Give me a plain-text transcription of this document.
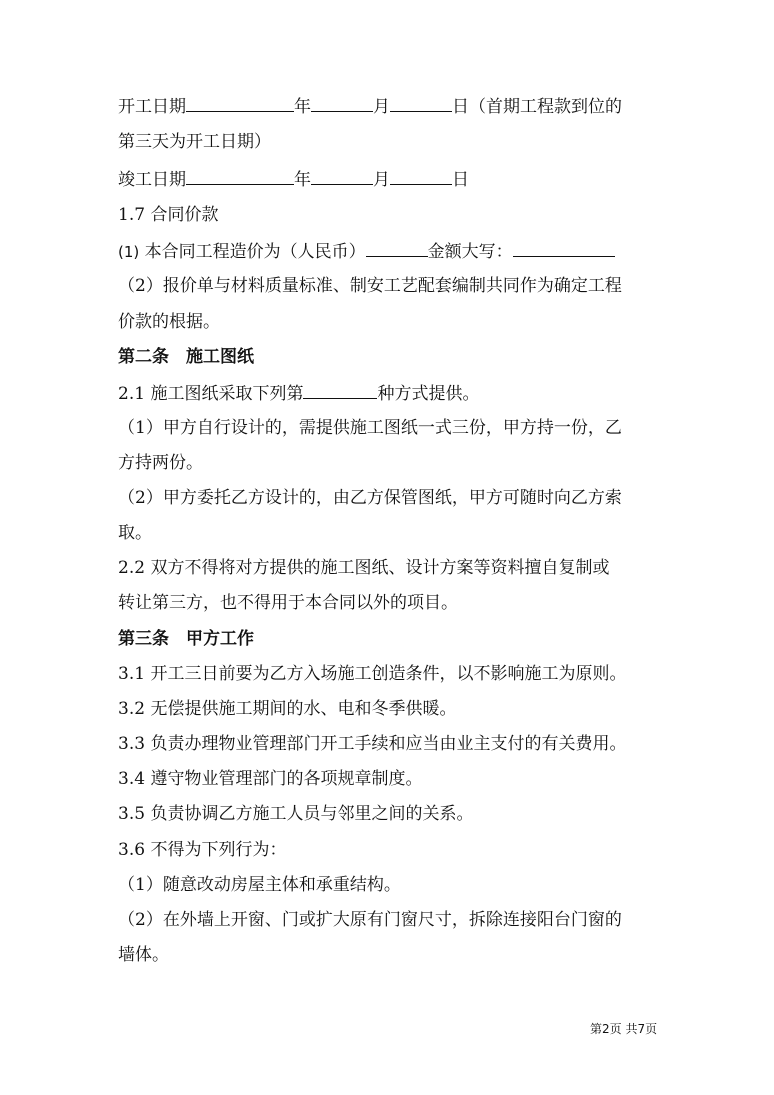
开工日期	年	月	日（首期工程款到位的
第三天为开工日期）
竣工日期	年	月	日
1.7 合同价款
(1) 本合同工程造价为（人民币）	金额大写：
（2）报价单与材料质量标准、制安工艺配套编制共同作为确定工程
价款的根据。
第二条　施工图纸
2.1 施工图纸采取下列第	种方式提供。
（1）甲方自行设计的，需提供施工图纸一式三份，甲方持一份，乙
方持两份。
（2）甲方委托乙方设计的，由乙方保管图纸，甲方可随时向乙方索
取。
2.2 双方不得将对方提供的施工图纸、设计方案等资料擅自复制或
转让第三方，也不得用于本合同以外的项目。
第三条　甲方工作
3.1 开工三日前要为乙方入场施工创造条件，以不影响施工为原则。
3.2 无偿提供施工期间的水、电和冬季供暖。
3.3 负责办理物业管理部门开工手续和应当由业主支付的有关费用。
3.4 遵守物业管理部门的各项规章制度。
3.5 负责协调乙方施工人员与邻里之间的关系。
3.6 不得为下列行为：
（1）随意改动房屋主体和承重结构。
（2）在外墙上开窗、门或扩大原有门窗尺寸，拆除连接阳台门窗的
墙体。
第2页 共7页
